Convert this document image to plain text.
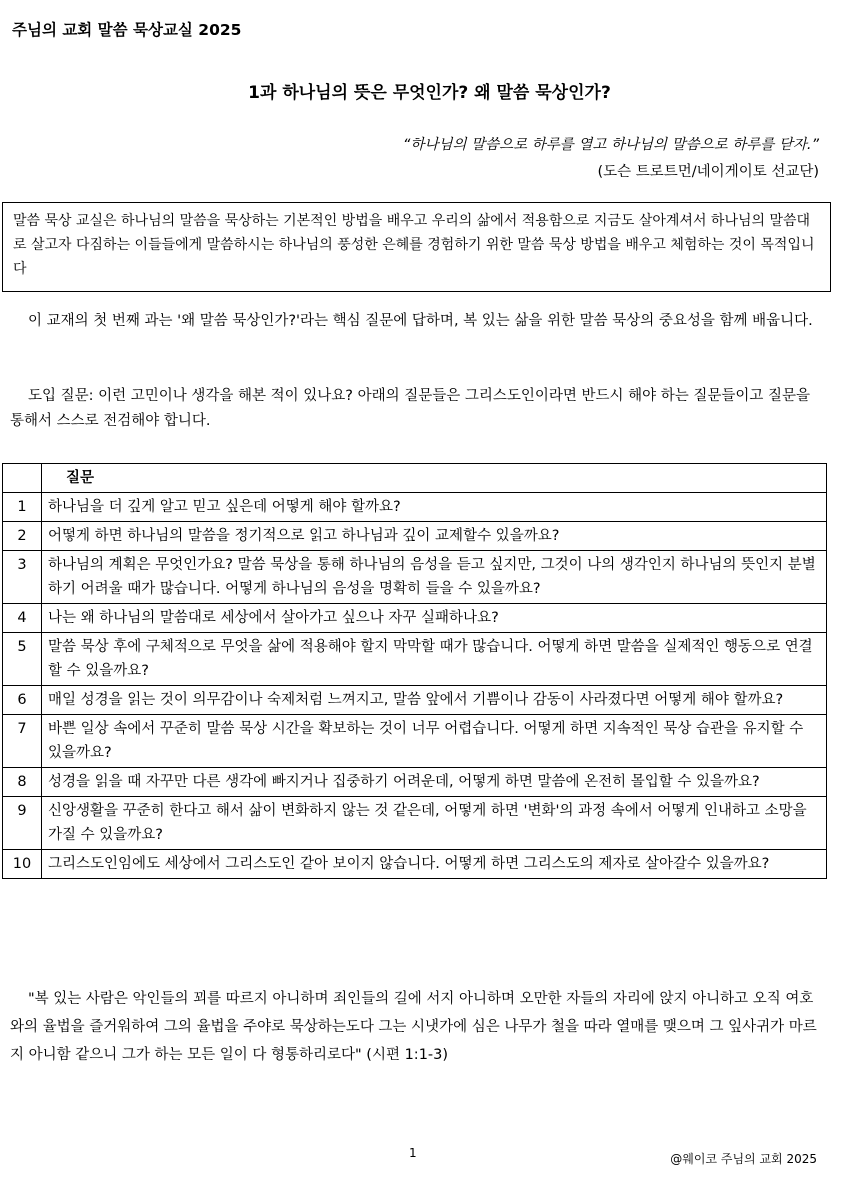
주님의 교회 말씀 묵상교실 2025
1과 하나님의 뜻은 무엇인가? 왜 말씀 묵상인가?
“하나님의 말씀으로 하루를 열고 하나님의 말씀으로 하루를 닫자.”
(도슨 트로트먼/네이게이토 선교단)
말씀 묵상 교실은 하나님의 말씀을 묵상하는 기본적인 방법을 배우고 우리의 삶에서 적용함으로 지금도 살아계셔서 하나님의 말씀대로 살고자 다짐하는 이들들에게 말씀하시는 하나님의 풍성한 은혜를 경험하기 위한 말씀 묵상 방법을 배우고 체험하는 것이 목적입니다
이 교재의 첫 번째 과는 '왜 말씀 묵상인가?'라는 핵심 질문에 답하며, 복 있는 삶을 위한 말씀 묵상의 중요성을 함께 배웁니다.
도입 질문: 이런 고민이나 생각을 해본 적이 있나요? 아래의 질문들은 그리스도인이라면 반드시 해야 하는 질문들이고 질문을 통해서 스스로 전검해야 합니다.
	질문
1	하나님을 더 깊게 알고 믿고 싶은데 어떻게 해야 할까요?
2	어떻게 하면 하나님의 말씀을 정기적으로 읽고 하나님과 깊이 교제할수 있을까요?
3	하나님의 계획은 무엇인가요? 말씀 묵상을 통해 하나님의 음성을 듣고 싶지만, 그것이 나의 생각인지 하나님의 뜻인지 분별하기 어려울 때가 많습니다. 어떻게 하나님의 음성을 명확히 들을 수 있을까요?
4	나는 왜 하나님의 말씀대로 세상에서 살아가고 싶으나 자꾸 실패하나요?
5	말씀 묵상 후에 구체적으로 무엇을 삶에 적용해야 할지 막막할 때가 많습니다. 어떻게 하면 말씀을 실제적인 행동으로 연결할 수 있을까요?
6	매일 성경을 읽는 것이 의무감이나 숙제처럼 느껴지고, 말씀 앞에서 기쁨이나 감동이 사라졌다면 어떻게 해야 할까요?
7	바쁜 일상 속에서 꾸준히 말씀 묵상 시간을 확보하는 것이 너무 어렵습니다. 어떻게 하면 지속적인 묵상 습관을 유지할 수 있을까요?
8	성경을 읽을 때 자꾸만 다른 생각에 빠지거나 집중하기 어려운데, 어떻게 하면 말씀에 온전히 몰입할 수 있을까요?
9	신앙생활을 꾸준히 한다고 해서 삶이 변화하지 않는 것 같은데, 어떻게 하면 '변화'의 과정 속에서 어떻게 인내하고 소망을 가질 수 있을까요?
10	그리스도인임에도 세상에서 그리스도인 같아 보이지 않습니다. 어떻게 하면 그리스도의 제자로 살아갈수 있을까요?
"복 있는 사람은 악인들의 꾀를 따르지 아니하며 죄인들의 길에 서지 아니하며 오만한 자들의 자리에 앉지 아니하고 오직 여호와의 율법을 즐거워하여 그의 율법을 주야로 묵상하는도다 그는 시냇가에 심은 나무가 철을 따라 열매를 맺으며 그 잎사귀가 마르지 아니함 같으니 그가 하는 모든 일이 다 형통하리로다" (시편 1:1-3)
1	@웨이코 주님의 교회 2025
